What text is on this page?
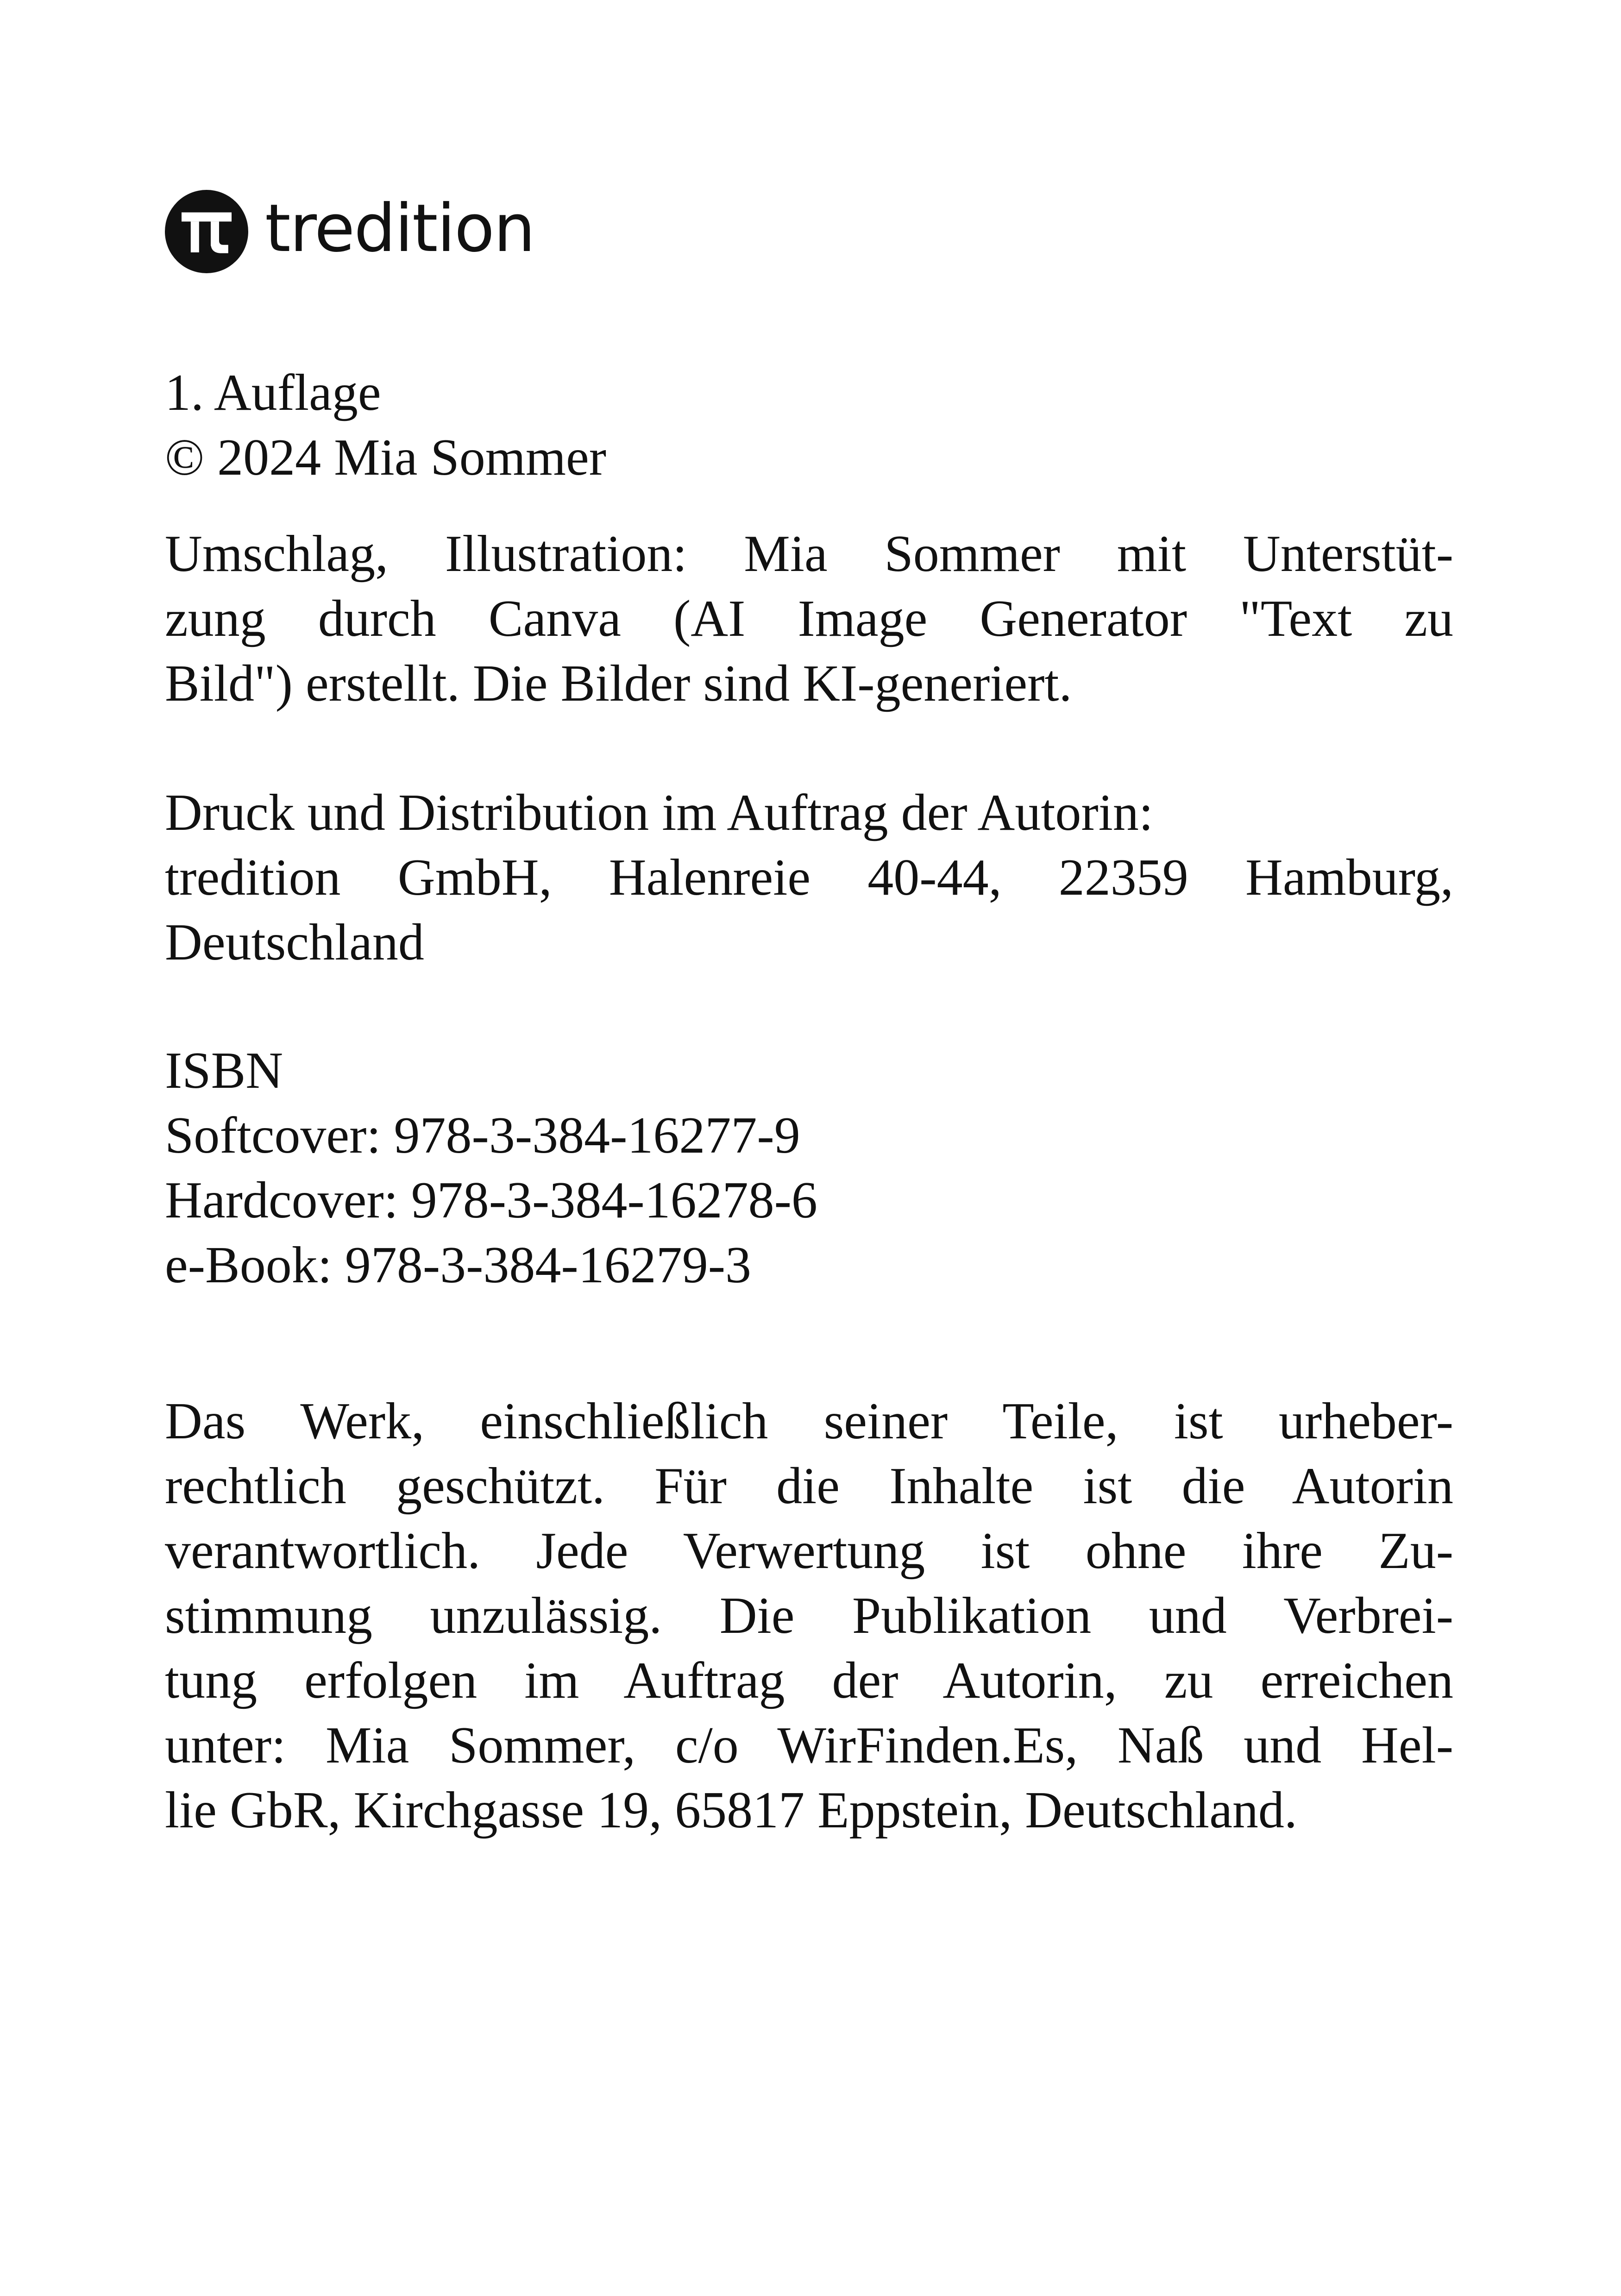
tredition
1. Auflage
© 2024 Mia Sommer
Umschlag, Illustration: Mia Sommer mit Unterstüt-
zung durch Canva (AI Image Generator "Text zu
Bild") erstellt. Die Bilder sind KI-generiert.
Druck und Distribution im Auftrag der Autorin:
tredition GmbH, Halenreie 40-44, 22359 Hamburg,
Deutschland
ISBN
Softcover: 978-3-384-16277-9
Hardcover: 978-3-384-16278-6
e-Book: 978-3-384-16279-3
Das Werk, einschließlich seiner Teile, ist urheber-
rechtlich geschützt. Für die Inhalte ist die Autorin
verantwortlich. Jede Verwertung ist ohne ihre Zu-
stimmung unzulässig. Die Publikation und Verbrei-
tung erfolgen im Auftrag der Autorin, zu erreichen
unter: Mia Sommer, c/o WirFinden.Es, Naß und Hel-
lie GbR, Kirchgasse 19, 65817 Eppstein, Deutschland.
